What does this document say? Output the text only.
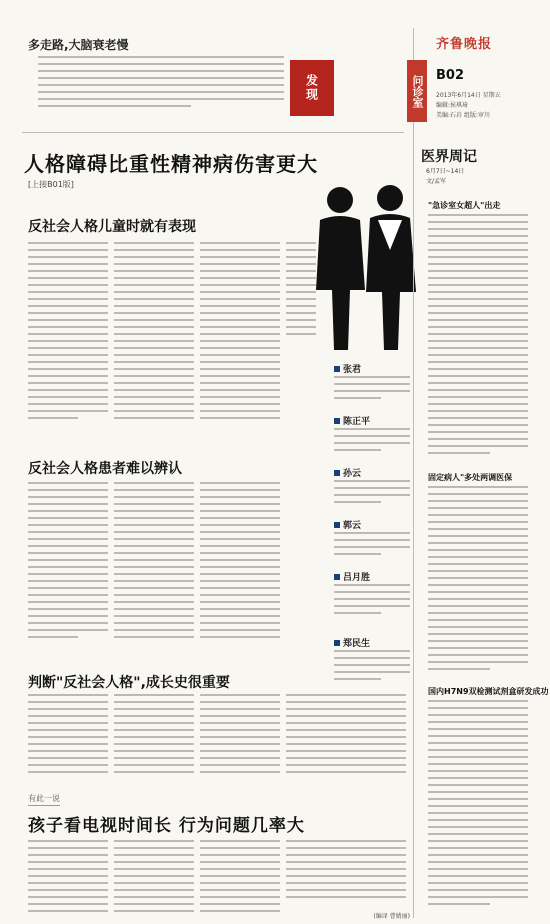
多走路,大脑衰老慢
发现
人格障碍比重性精神病伤害更大
[上接B01版]
反社会人格儿童时就有表现
反社会人格患者难以辨认
张君
陈正平
孙云
郭云
吕月胜
郑民生
判断"反社会人格",成长史很重要
有此一说
孩子看电视时间长 行为问题几率大
(编译 曹婧丽)
齐鲁晚报
问诊室 B02
2013年6月14日 星期五
编辑:侯琪琦
美编:石岩 组版:审川
医界周记
6月7日~14日
文/孟军
"急诊室女超人"出走
固定病人"多处两调医保
国内H7N9双检测试剂盒研发成功
